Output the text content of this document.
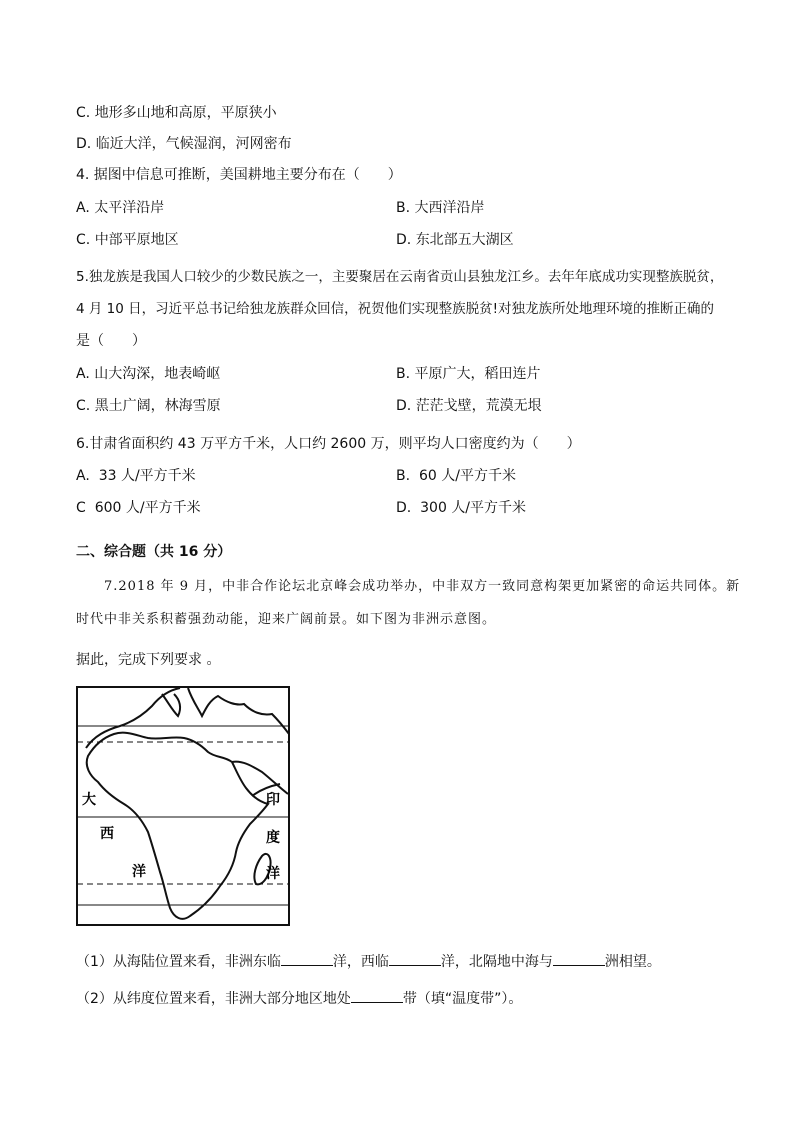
C. 地形多山地和高原，平原狭小
D. 临近大洋，气候湿润，河网密布
4. 据图中信息可推断，美国耕地主要分布在（　　）
A. 太平洋沿岸	B. 大西洋沿岸
C. 中部平原地区	D. 东北部五大湖区
5.独龙族是我国人口较少的少数民族之一，主要聚居在云南省贡山县独龙江乡。去年年底成功实现整族脱贫，
4 月 10 日，习近平总书记给独龙族群众回信，祝贺他们实现整族脱贫!对独龙族所处地理环境的推断正确的
是（　　）
A. 山大沟深，地表崎岖	B. 平原广大，稻田连片
C. 黑土广阔，林海雪原	D. 茫茫戈壁，荒漠无垠
6.甘肃省面积约 43 万平方千米，人口约 2600 万，则平均人口密度约为（　　）
A. 33 人/平方千米	B. 60 人/平方千米
C 600 人/平方千米	D. 300 人/平方千米
二、综合题（共 16 分）
7.2018 年 9 月，中非合作论坛北京峰会成功举办，中非双方一致同意构架更加紧密的命运共同体。新
时代中非关系积蓄强劲动能，迎来广阔前景。如下图为非洲示意图。
据此，完成下列要求 。
大
西
洋
印
度
洋
（1）从海陆位置来看，非洲东临	洋，西临	洋，北隔地中海与	洲相望。
（2）从纬度位置来看，非洲大部分地区地处	带（填“温度带”）。
